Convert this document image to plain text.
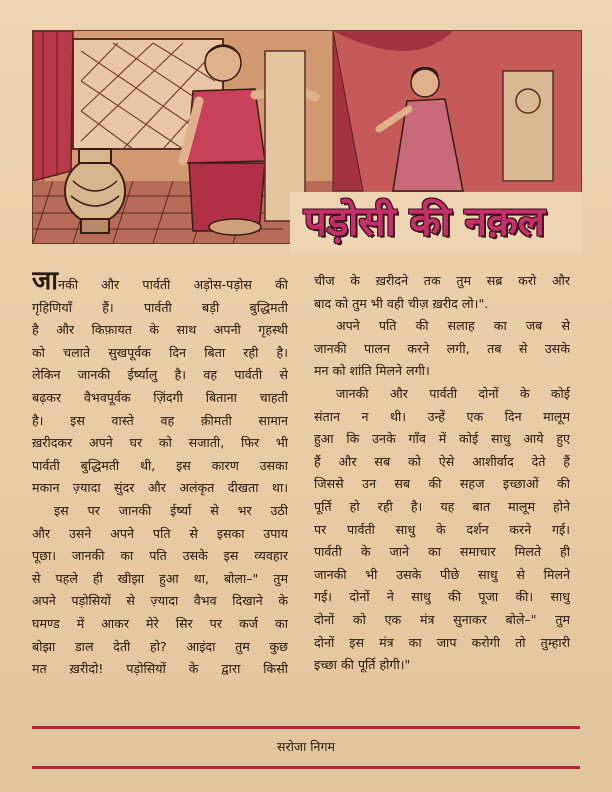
पड़ोसी की नक़ल
जानकी और पार्वती अड़ोस-पड़ोस की
गृहिणियाँ हैं। पार्वती बड़ी बुद्धिमती
है और किफ़ायत के साथ अपनी गृहस्थी
को चलाते सुखपूर्वक दिन बिता रही है।
लेकिन जानकी ईर्ष्यालु है। वह पार्वती से
बढ़कर वैभवपूर्वक ज़िंदगी बिताना चाहती
है। इस वास्ते वह क़ीमती सामान
ख़रीदकर अपने घर को सजाती, फिर भी
पार्वती बुद्धिमती थी, इस कारण उसका
मकान ज़्यादा सुंदर और अलंकृत दीखता था।
इस पर जानकी ईर्ष्या से भर उठी
और उसने अपने पति से इसका उपाय
पूछा। जानकी का पति उसके इस व्यवहार
से पहले ही खीझा हुआ था, बोला–" तुम
अपने पड़ोसियों से ज़्यादा वैभव दिखाने के
घमण्ड में आकर मेरे सिर पर कर्ज का
बोझा डाल देती हो? आइंदा तुम कुछ
मत ख़रीदो! पड़ोसियों के द्वारा किसी
चीज के ख़रीदने तक तुम सब्र करो और
बाद को तुम भी वही चीज़ ख़रीद लो।".
अपने पति की सलाह का जब से
जानकी पालन करने लगी, तब से उसके
मन को शांति मिलने लगी।
जानकी और पार्वती दोनों के कोई
संतान न थी। उन्हें एक दिन मालूम
हुआ कि उनके गाँव में कोई साधु आये हुए
हैं और सब को ऐसे आशीर्वाद देते हैं
जिससे उन सब की सहज इच्छाओं की
पूर्ति हो रही है। यह बात मालूम होने
पर पार्वती साधु के दर्शन करने गई।
पार्वती के जाने का समाचार मिलते ही
जानकी भी उसके पीछे साधु से मिलने
गई। दोनों ने साधु की पूजा की। साधु
दोनों को एक मंत्र सुनाकर बोले–" तुम
दोनों इस मंत्र का जाप करोगी तो तुम्हारी
इच्छा की पूर्ति होगी।"
सरोजा निगम
